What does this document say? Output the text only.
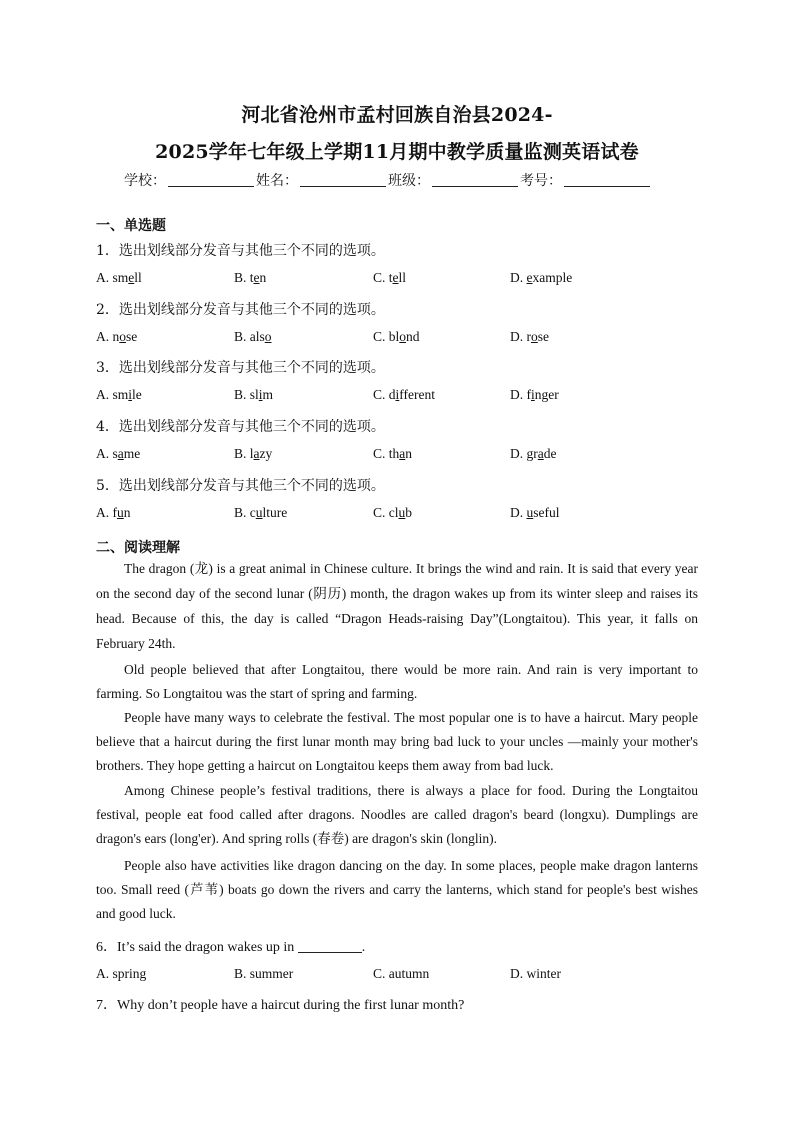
河北省沧州市孟村回族自治县2024-
2025学年七年级上学期11月期中教学质量监测英语试卷
学校：	姓名：	班级：	考号：
一、单选题
1．选出划线部分发音与其他三个不同的选项。
A. smell	B. ten	C. tell	D. example
2．选出划线部分发音与其他三个不同的选项。
A. nose	B. also	C. blond	D. rose
3．选出划线部分发音与其他三个不同的选项。
A. smile	B. slim	C. different	D. finger
4．选出划线部分发音与其他三个不同的选项。
A. same	B. lazy	C. than	D. grade
5．选出划线部分发音与其他三个不同的选项。
A. fun	B. culture	C. club	D. useful
二、阅读理解
The dragon (龙) is a great animal in Chinese culture. It brings the wind and rain. It is said that every year on the second day of the second lunar (阴历) month, the dragon wakes up from its winter sleep and raises its head. Because of this, the day is called “Dragon Heads-raising Day”(Longtaitou). This year, it falls on February 24th.
Old people believed that after Longtaitou, there would be more rain. And rain is very important to farming. So Longtaitou was the start of spring and farming.
People have many ways to celebrate the festival. The most popular one is to have a haircut. Mary people believe that a haircut during the first lunar month may bring bad luck to your uncles —mainly your mother's brothers. They hope getting a haircut on Longtaitou keeps them away from bad luck.
Among Chinese people’s festival traditions, there is always a place for food. During the Longtaitou festival, people eat food called after dragons. Noodles are called dragon's beard (longxu). Dumplings are dragon's ears (long'er). And spring rolls (春卷) are dragon's skin (longlin).
People also have activities like dragon dancing on the day. In some places, people make dragon lanterns too. Small reed (芦苇) boats go down the rivers and carry the lanterns, which stand for people's best wishes and good luck.
6．It’s said the dragon wakes up in	.
A. spring	B. summer	C. autumn	D. winter
7．Why don’t people have a haircut during the first lunar month?
